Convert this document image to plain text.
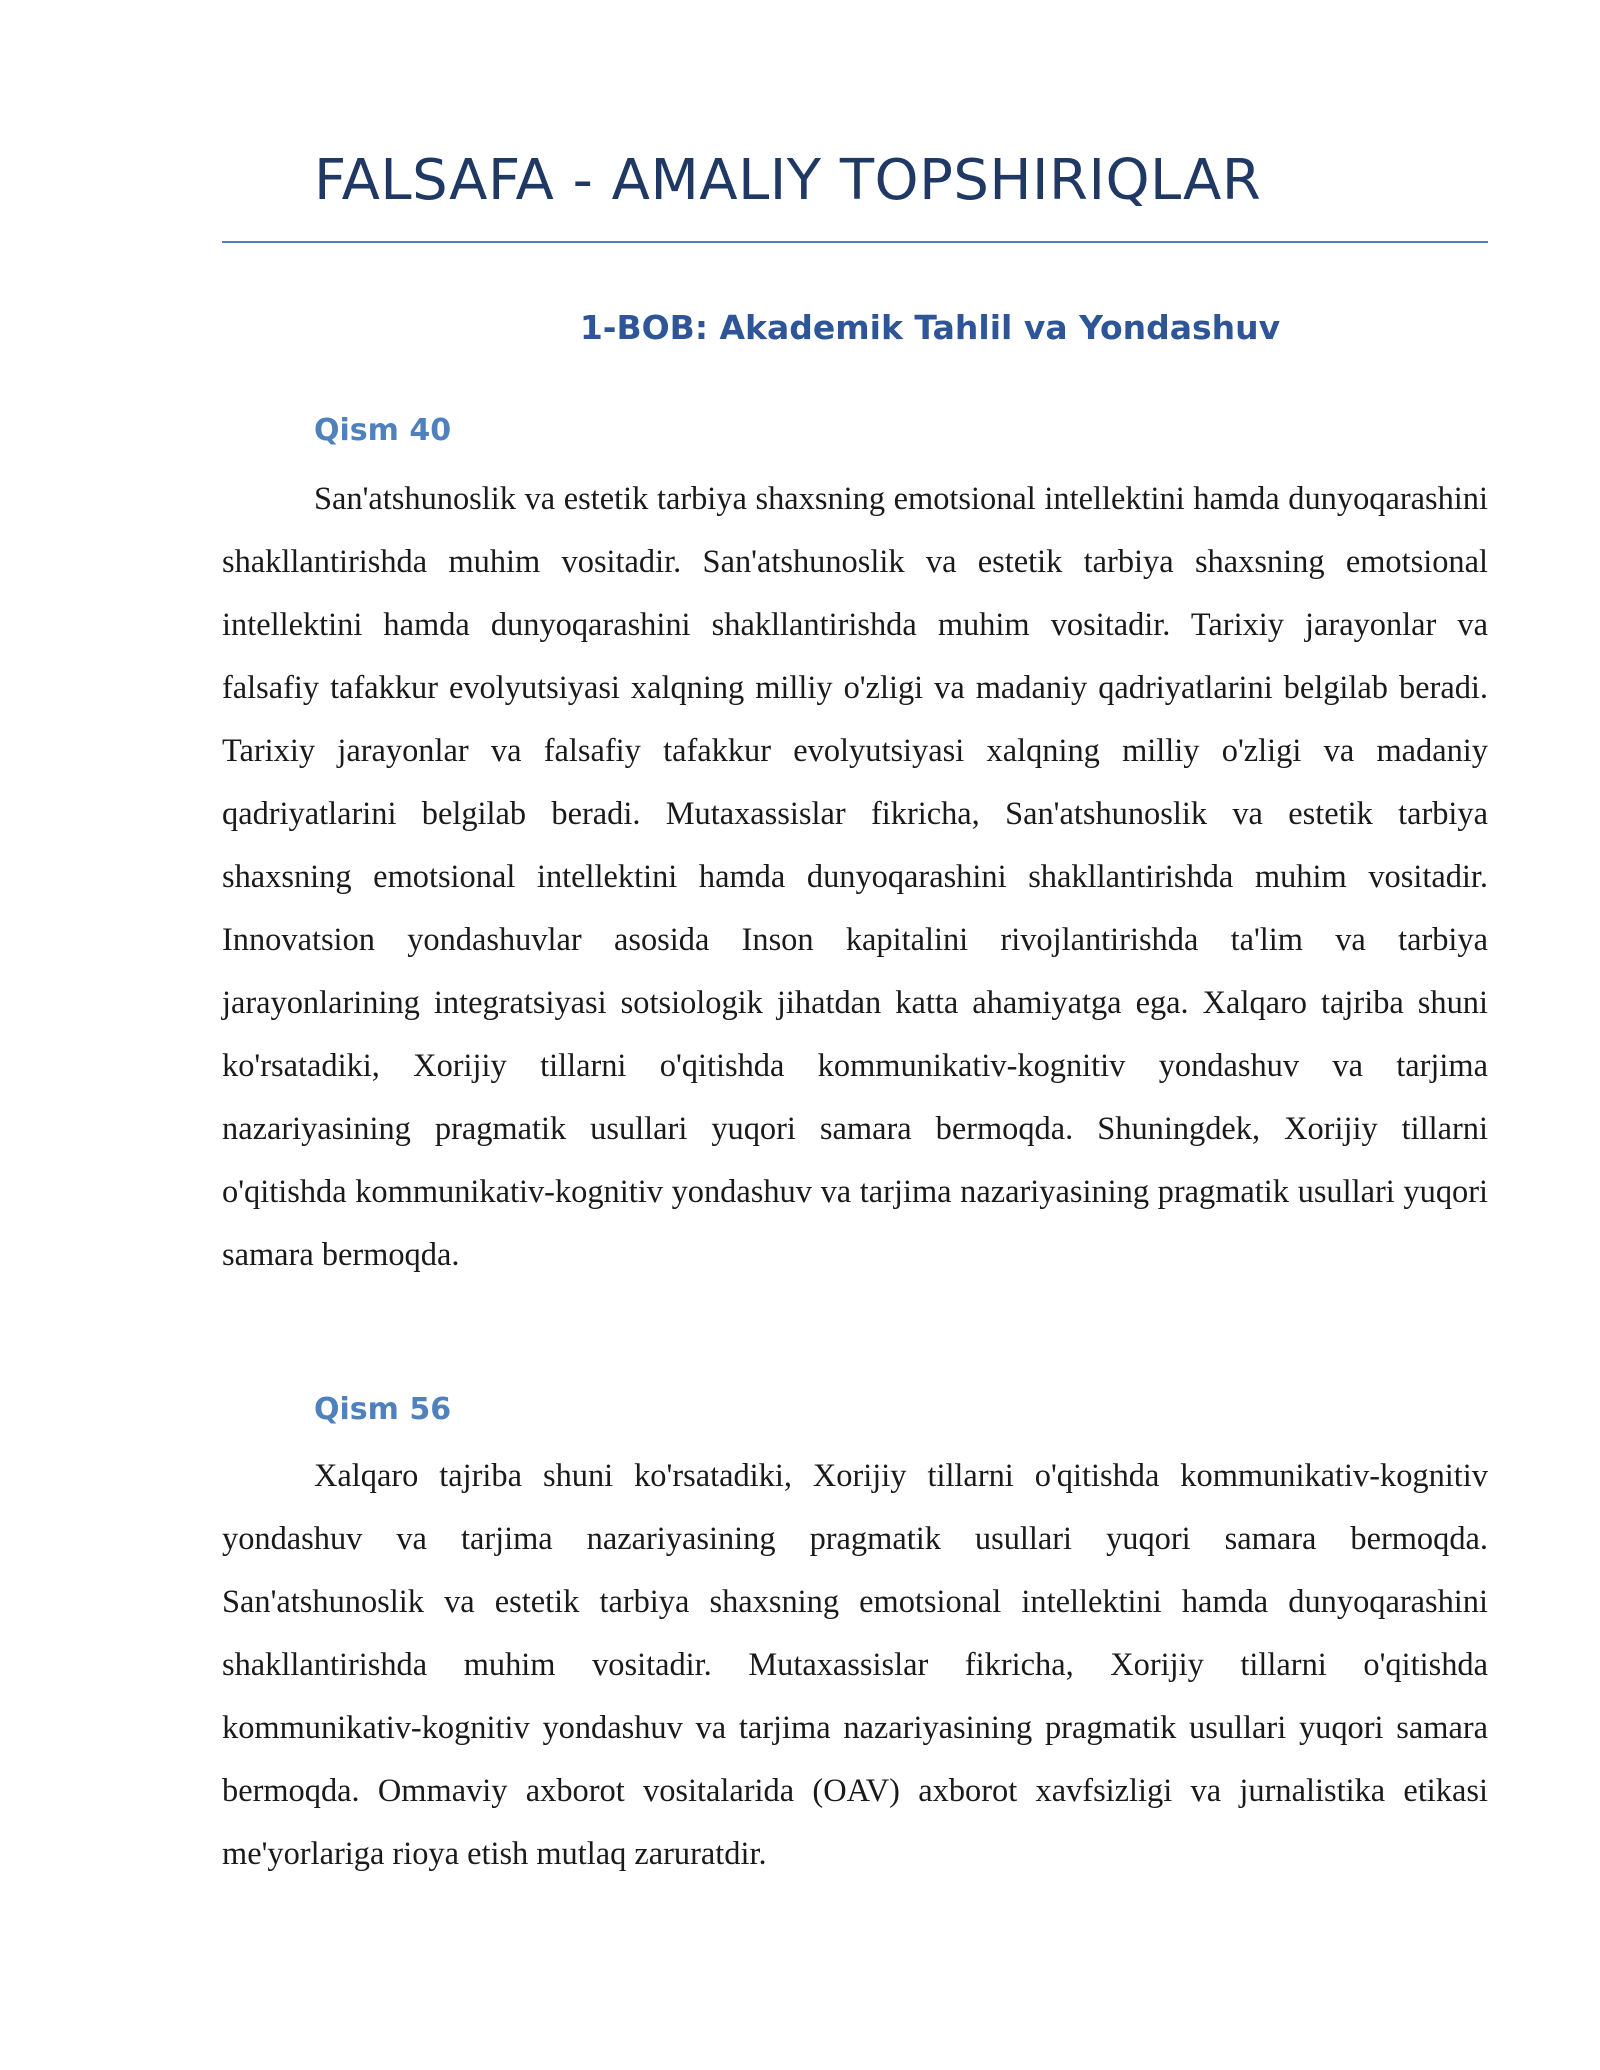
FALSAFA - AMALIY TOPSHIRIQLAR
1-BOB: Akademik Tahlil va Yondashuv
Qism 40

San'atshunoslik va estetik tarbiya shaxsning emotsional intellektini hamda dunyoqarashini shakllantirishda muhim vositadir. San'atshunoslik va estetik tarbiya shaxsning emotsional intellektini hamda dunyoqarashini shakllantirishda muhim vositadir. Tarixiy jarayonlar va falsafiy tafakkur evolyutsiyasi xalqning milliy o'zligi va madaniy qadriyatlarini belgilab beradi. Tarixiy jarayonlar va falsafiy tafakkur evolyutsiyasi xalqning milliy o'zligi va madaniy qadriyatlarini belgilab beradi. Mutaxassislar fikricha, San'atshunoslik va estetik tarbiya shaxsning emotsional intellektini hamda dunyoqarashini shakllantirishda muhim vositadir. Innovatsion yondashuvlar asosida Inson kapitalini rivojlantirishda ta'lim va tarbiya jarayonlarining integratsiyasi sotsiologik jihatdan katta ahamiyatga ega. Xalqaro tajriba shuni ko'rsatadiki, Xorijiy tillarni o'qitishda kommunikativ-kognitiv yondashuv va tarjima nazariyasining pragmatik usullari yuqori samara bermoqda. Shuningdek, Xorijiy tillarni o'qitishda kommunikativ-kognitiv yondashuv va tarjima nazariyasining pragmatik usullari yuqori samara bermoqda.

Qism 56

Xalqaro tajriba shuni ko'rsatadiki, Xorijiy tillarni o'qitishda kommunikativ-kognitiv yondashuv va tarjima nazariyasining pragmatik usullari yuqori samara bermoqda. San'atshunoslik va estetik tarbiya shaxsning emotsional intellektini hamda dunyoqarashini shakllantirishda muhim vositadir. Mutaxassislar fikricha, Xorijiy tillarni o'qitishda kommunikativ-kognitiv yondashuv va tarjima nazariyasining pragmatik usullari yuqori samara bermoqda. Ommaviy axborot vositalarida (OAV) axborot xavfsizligi va jurnalistika etikasi me'yorlariga rioya etish mutlaq zaruratdir.
